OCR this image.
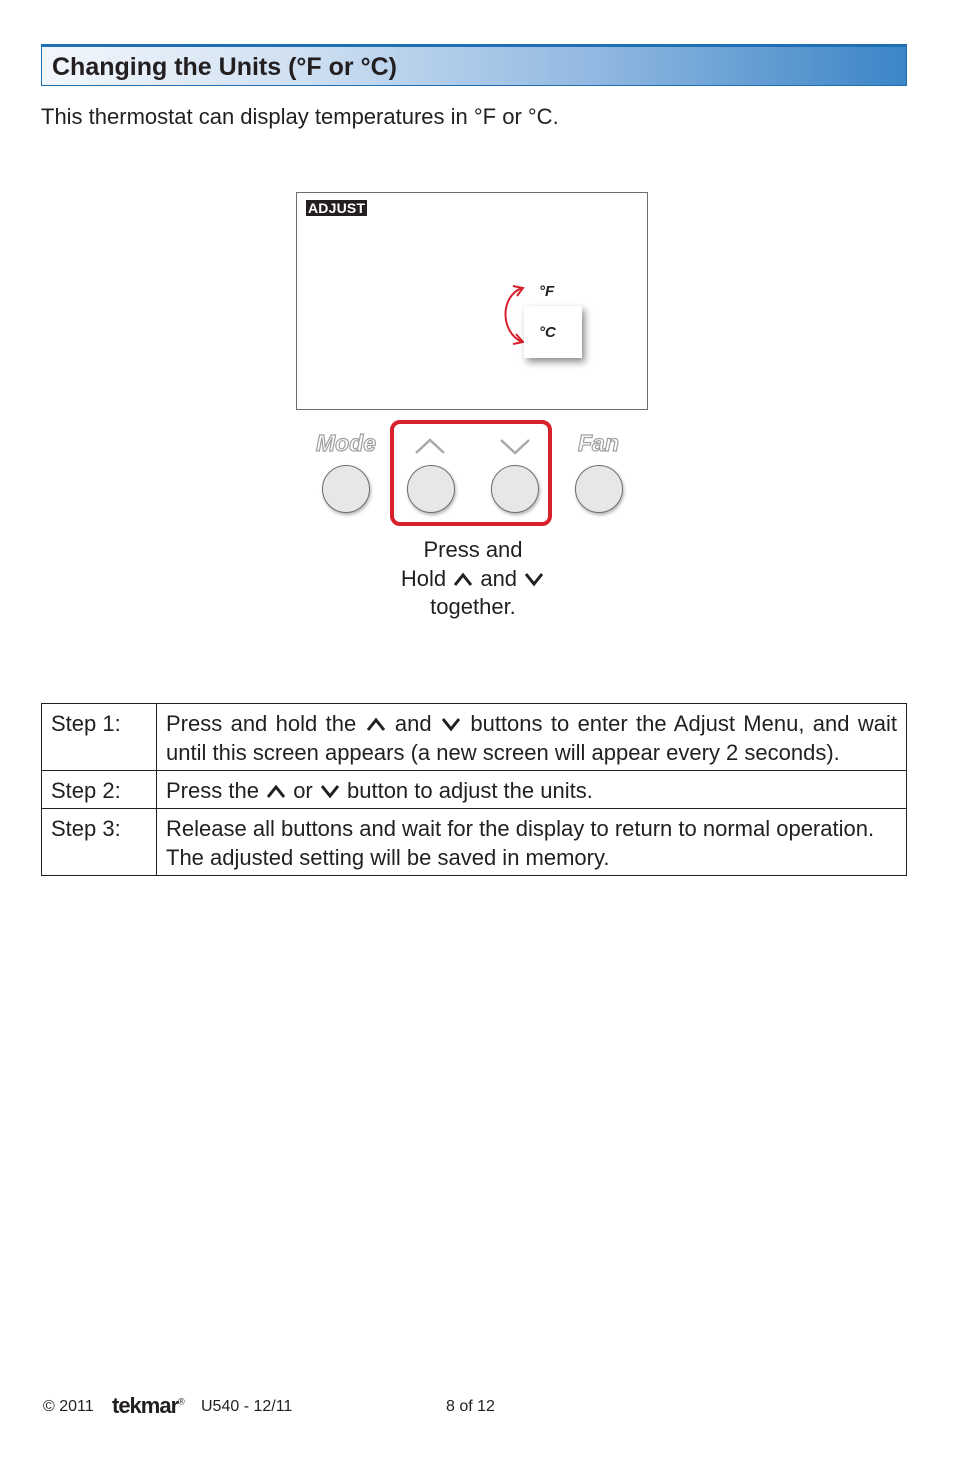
Changing the Units (°F or °C)
This thermostat can display temperatures in °F or °C.
ADJUST
°F
°C
Mode	Fan
Press and
Hold and
together.
Step 1:	Press and hold the and buttons to enter the Adjust Menu, and wait until this screen appears (a new screen will appear every 2 seconds).
Step 2:	Press the or button to adjust the units.
Step 3:	Release all buttons and wait for the display to return to normal operation.
The adjusted setting will be saved in memory.
© 2011 tekmar® U540 - 12/11	8 of 12
